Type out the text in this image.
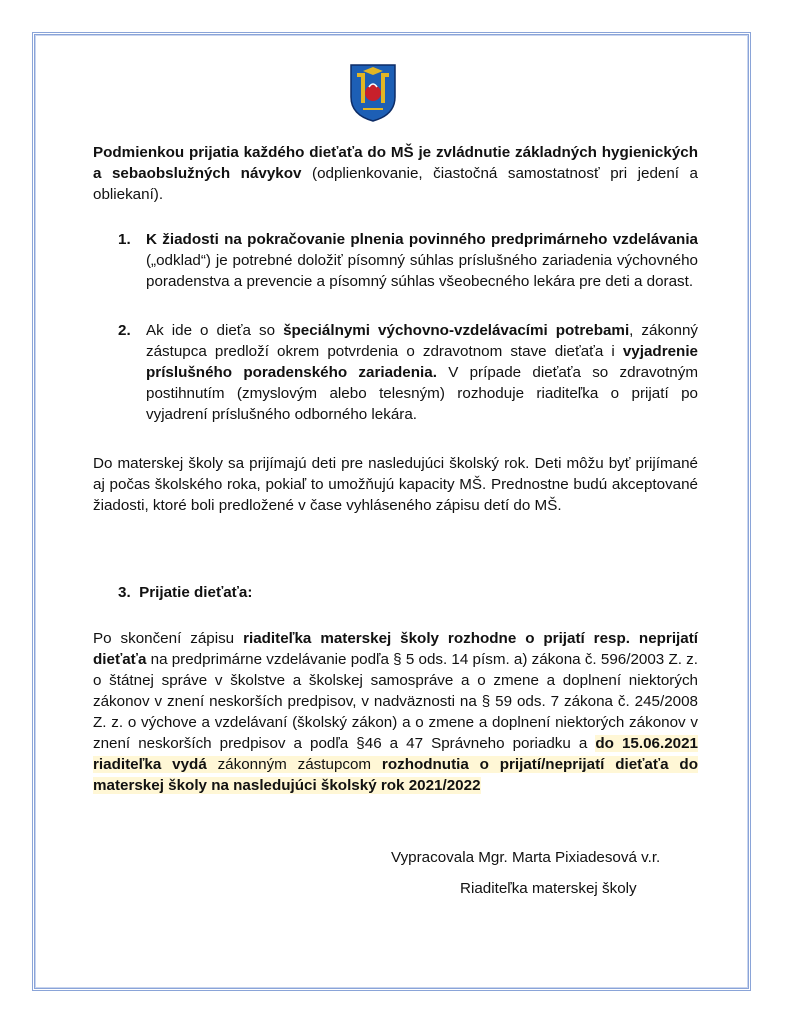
Podmienkou prijatia každého dieťaťa do MŠ je zvládnutie základných hygienických a sebaobslužných návykov (odplienkovanie, čiastočná samostatnosť pri jedení a obliekaní).
1.	K žiadosti na pokračovanie plnenia povinného predprimárneho vzdelávania („odklad“) je potrebné doložiť písomný súhlas príslušného zariadenia výchovného poradenstva a prevencie a písomný súhlas všeobecného lekára pre deti a dorast.
2.	Ak ide o dieťa so špeciálnymi výchovno-vzdelávacími potrebami, zákonný zástupca predloží okrem potvrdenia o zdravotnom stave dieťaťa i vyjadrenie príslušného poradenského zariadenia. V prípade dieťaťa so zdravotným postihnutím (zmyslovým alebo telesným) rozhoduje riaditeľka o prijatí po vyjadrení príslušného odborného lekára.
Do materskej školy sa prijímajú deti pre nasledujúci školský rok. Deti môžu byť prijímané aj počas školského roka, pokiaľ to umožňujú kapacity MŠ. Prednostne budú akceptované žiadosti, ktoré boli predložené v čase vyhláseného zápisu detí do MŠ.
3. Prijatie dieťaťa:
Po skončení zápisu riaditeľka materskej školy rozhodne o prijatí resp. neprijatí dieťaťa na predprimárne vzdelávanie podľa § 5 ods. 14 písm. a) zákona č. 596/2003 Z. z. o štátnej správe v školstve a školskej samospráve a o zmene a doplnení niektorých zákonov v znení neskorších predpisov, v nadväznosti na § 59 ods. 7 zákona č. 245/2008 Z. z. o výchove a vzdelávaní (školský zákon) a o zmene a doplnení niektorých zákonov v znení neskorších predpisov a podľa §46 a 47 Správneho poriadku a do 15.06.2021 riaditeľka vydá zákonným zástupcom rozhodnutia o prijatí/neprijatí dieťaťa do materskej školy na nasledujúci školský rok 2021/2022
Vypracovala Mgr. Marta Pixiadesová v.r.
Riaditeľka materskej školy
